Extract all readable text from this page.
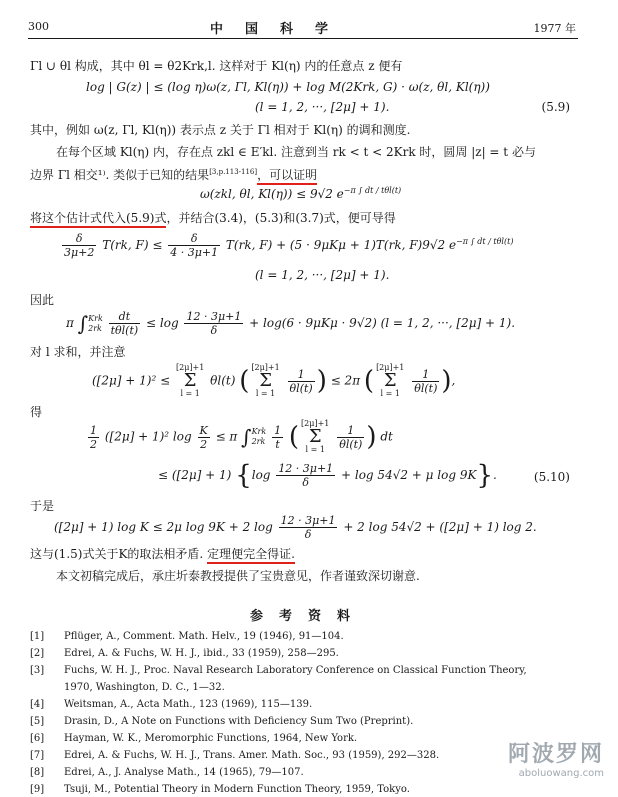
300	中国科学	1977 年
Γl ∪ θl 构成，其中 θl = θ2Krk,l. 这样对于 Kl(η) 内的任意点 z 便有
log | G(z) | ≤ (log η)ω(z, Γl, Kl(η)) + log M(2Krk, G) · ω(z, θl, Kl(η))
(l = 1, 2, ···, [2μ] + 1).	(5.9)
其中，例如 ω(z, Γl, Kl(η)) 表示点 z 关于 Γl 相对于 Kl(η) 的调和测度.
在每个区域 Kl(η) 内，存在点 zkl ∈ E′kl. 注意到当 rk < t < 2Krk 时，圆周 |z| = t 必与
边界 Γl 相交¹⁾. 类似于已知的结果[3,p.113-116]，可以证明
ω(zkl, θl, Kl(η)) ≤ 9√2 $e^{-\pi \int dt / t\theta l(t)}$
将这个估计式代入(5.9)式，并结合(3.4)，(5.3)和(3.7)式，便可导得
$\frac{\delta}{3\mu+2} T(rk$, $F) \le \frac{\delta}{4 \cdot 3\mu+1} T(rk$, F) + (5 · 9μKμ + 1)T(rk, F)9√2 $e^{-\pi \int dt / t\theta l(t)}$
(l = 1, 2, ···, [2μ] + 1).
因此
π ∫ Krk
2rk
$\frac{dt}{\text{tθl(t)}} \le \log \frac{12 \cdot 3\mu+1}{\delta} + \log(6 \cdot 9\mu K\mu \cdot 9√2) (l = 1$, 2, ···, [2μ] + 1).
对 l 求和，并注意
([2μ] + 1)² ≤ [2μ]+1
Σ
l = 1 θl(t) ( [2μ]+1
Σ
$l = 1 \frac{1}{\theta l(t)}$ ) ≤ 2π ( [2μ]+1
Σ
$l = 1 \frac{1}{\theta l(t)}$ ),
得
$\frac{1}{2} ([2\mu] + 1)^2$ $\log \frac{K}{2} \le \pi$ ∫ Krk
2rk
$\frac{1}{t}$ ( [2μ]+1
Σ
$l = 1 \frac{1}{\theta l(t)}$ ) dt
≤ ([2μ] + 1) {$\log \frac{12 \cdot 3\mu+1}{\delta} + \log 54√2 + \mu$ log 9K}.	(5.10)
于是
([2μ] + 1) log K ≤ 2μ log 9K + 2 $\log \frac{12 \cdot 3\mu+1}{\delta} + 2$ log 54√2 + ([2μ] + 1) log 2.
这与(1.5)式关于K的取法相矛盾. 定理便完全得证.
本文初稿完成后，承庄圻泰教授提供了宝贵意见，作者谨致深切谢意.
参考资料
[1] Pflüger, A., Comment. Math. Helv., 19 (1946), 91—104.
[2] Edrei, A. & Fuchs, W. H. J., ibid., 33 (1959), 258—295.
[3] Fuchs, W. H. J., Proc. Naval Research Laboratory Conference on Classical Function Theory,
1970, Washington, D. C., 1—32.
[4] Weitsman, A., Acta Math., 123 (1969), 115—139.
[5] Drasin, D., A Note on Functions with Deficiency Sum Two (Preprint).
[6] Hayman, W. K., Meromorphic Functions, 1964, New York.
[7] Edrei, A. & Fuchs, W. H. J., Trans. Amer. Math. Soc., 93 (1959), 292—328.
[8] Edrei, A., J. Analyse Math., 14 (1965), 79—107.
[9] Tsuji, M., Potential Theory in Modern Function Theory, 1959, Tokyo.
阿波罗网
aboluowang.com
